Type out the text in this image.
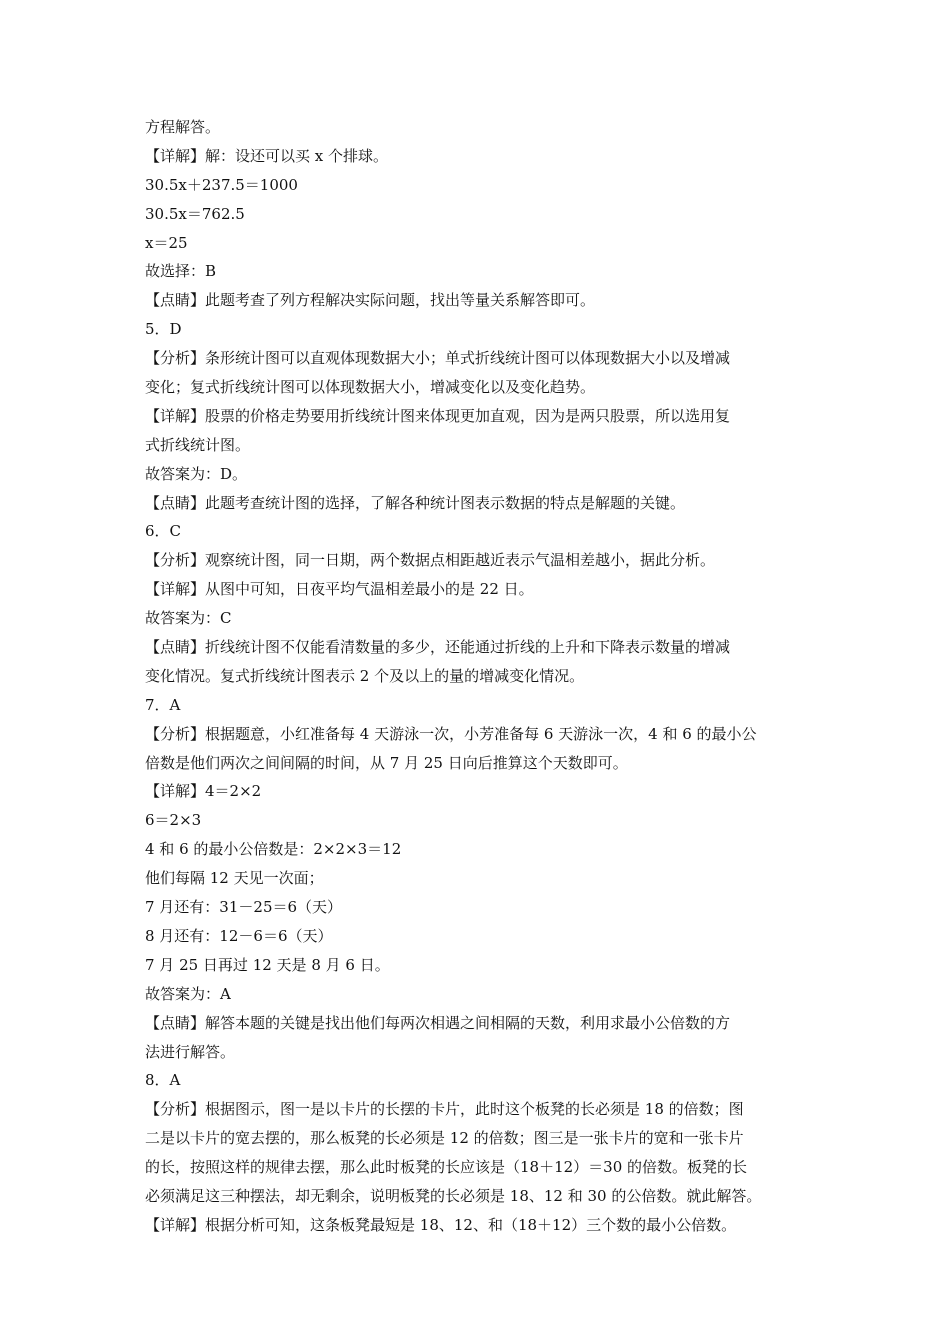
方程解答。
【详解】解：设还可以买 x 个排球。
30.5x＋237.5＝1000
30.5x＝762.5
x＝25
故选择：B
【点睛】此题考查了列方程解决实际问题，找出等量关系解答即可。
5．D
【分析】条形统计图可以直观体现数据大小；单式折线统计图可以体现数据大小以及增减
变化；复式折线统计图可以体现数据大小，增减变化以及变化趋势。
【详解】股票的价格走势要用折线统计图来体现更加直观，因为是两只股票，所以选用复
式折线统计图。
故答案为：D。
【点睛】此题考查统计图的选择，了解各种统计图表示数据的特点是解题的关键。
6．C
【分析】观察统计图，同一日期，两个数据点相距越近表示气温相差越小，据此分析。
【详解】从图中可知，日夜平均气温相差最小的是 22 日。
故答案为：C
【点睛】折线统计图不仅能看清数量的多少，还能通过折线的上升和下降表示数量的增减
变化情况。复式折线统计图表示 2 个及以上的量的增减变化情况。
7．A
【分析】根据题意，小红准备每 4 天游泳一次，小芳准备每 6 天游泳一次，4 和 6 的最小公
倍数是他们两次之间间隔的时间，从 7 月 25 日向后推算这个天数即可。
【详解】4＝2×2
6＝2×3
4 和 6 的最小公倍数是：2×2×3＝12
他们每隔 12 天见一次面；
7 月还有：31－25＝6（天）
8 月还有：12－6＝6（天）
7 月 25 日再过 12 天是 8 月 6 日。
故答案为：A
【点睛】解答本题的关键是找出他们每两次相遇之间相隔的天数，利用求最小公倍数的方
法进行解答。
8．A
【分析】根据图示，图一是以卡片的长摆的卡片，此时这个板凳的长必须是 18 的倍数；图
二是以卡片的宽去摆的，那么板凳的长必须是 12 的倍数；图三是一张卡片的宽和一张卡片
的长，按照这样的规律去摆，那么此时板凳的长应该是（18＋12）＝30 的倍数。板凳的长
必须满足这三种摆法，却无剩余，说明板凳的长必须是 18、12 和 30 的公倍数。就此解答。
【详解】根据分析可知，这条板凳最短是 18、12、和（18＋12）三个数的最小公倍数。
